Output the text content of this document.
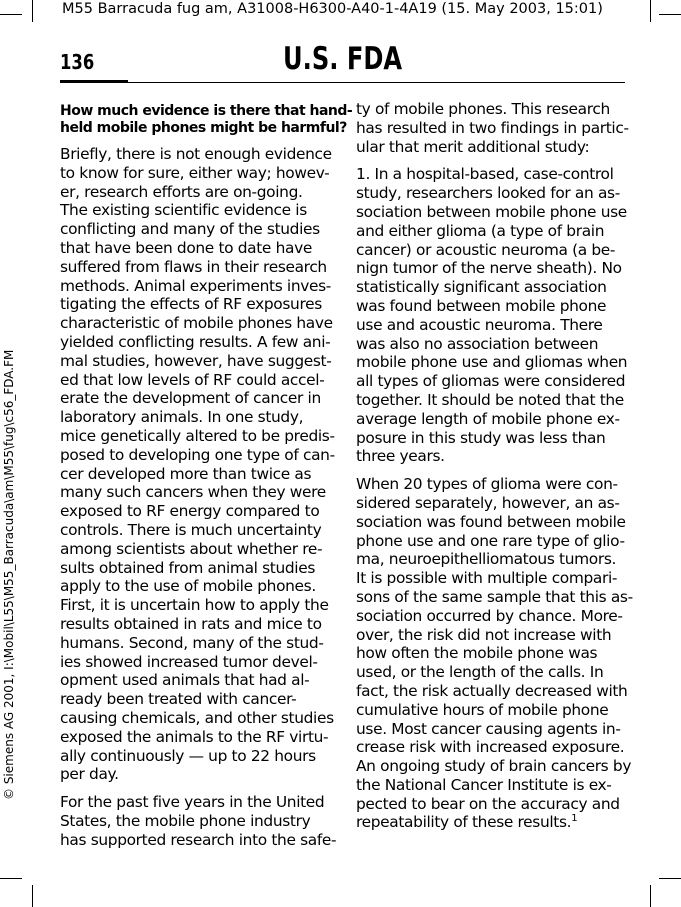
M55 Barracuda fug am, A31008-H6300-A40-1-4A19 (15. May 2003, 15:01)
© Siemens AG 2001, I:\Mobil\L55\M55_Barracuda\am\M55\fug\c56_FDA.FM
136	U.S. FDA
How much evidence is there that hand-
held mobile phones might be harmful?
Briefly, there is not enough evidence
to know for sure, either way; howev-
er, research efforts are on-going.
The existing scientific evidence is
conflicting and many of the studies
that have been done to date have
suffered from flaws in their research
methods. Animal experiments inves-
tigating the effects of RF exposures
characteristic of mobile phones have
yielded conflicting results. A few ani-
mal studies, however, have suggest-
ed that low levels of RF could accel-
erate the development of cancer in
laboratory animals. In one study,
mice genetically altered to be predis-
posed to developing one type of can-
cer developed more than twice as
many such cancers when they were
exposed to RF energy compared to
controls. There is much uncertainty
among scientists about whether re-
sults obtained from animal studies
apply to the use of mobile phones.
First, it is uncertain how to apply the
results obtained in rats and mice to
humans. Second, many of the stud-
ies showed increased tumor devel-
opment used animals that had al-
ready been treated with cancer-
causing chemicals, and other studies
exposed the animals to the RF virtu-
ally continuously — up to 22 hours
per day.
For the past five years in the United
States, the mobile phone industry
has supported research into the safe-
ty of mobile phones. This research
has resulted in two findings in partic-
ular that merit additional study:
1. In a hospital-based, case-control
study, researchers looked for an as-
sociation between mobile phone use
and either glioma (a type of brain
cancer) or acoustic neuroma (a be-
nign tumor of the nerve sheath). No
statistically significant association
was found between mobile phone
use and acoustic neuroma. There
was also no association between
mobile phone use and gliomas when
all types of gliomas were considered
together. It should be noted that the
average length of mobile phone ex-
posure in this study was less than
three years.
When 20 types of glioma were con-
sidered separately, however, an as-
sociation was found between mobile
phone use and one rare type of glio-
ma, neuroepithelliomatous tumors.
It is possible with multiple compari-
sons of the same sample that this as-
sociation occurred by chance. More-
over, the risk did not increase with
how often the mobile phone was
used, or the length of the calls. In
fact, the risk actually decreased with
cumulative hours of mobile phone
use. Most cancer causing agents in-
crease risk with increased exposure.
An ongoing study of brain cancers by
the National Cancer Institute is ex-
pected to bear on the accuracy and
repeatability of these results.$^1$
